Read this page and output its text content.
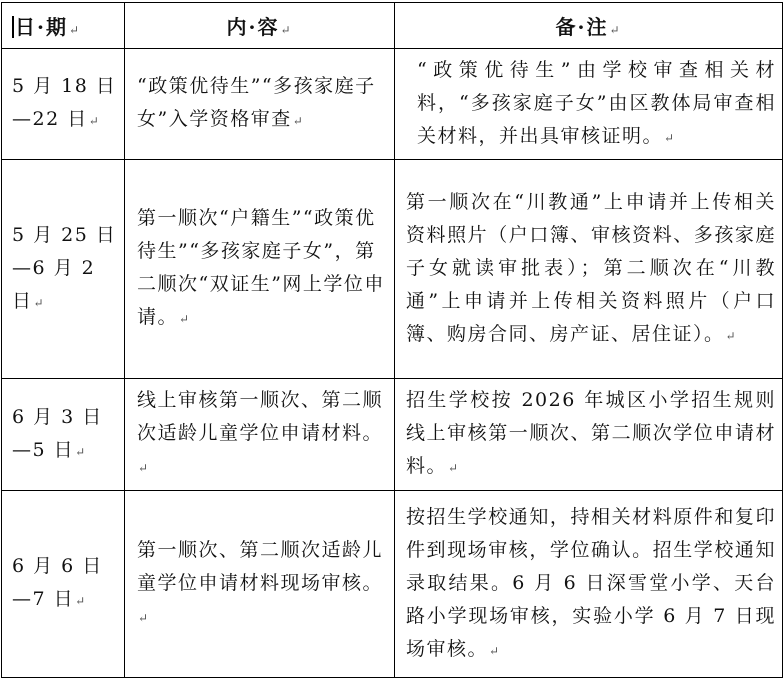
日·期↵	内·容↵	备·注↵
5 月 18 日—22 日↵	“政策优待生”“多孩家庭子女”入学资格审查↵	“政策优待生”由学校审查相关材料，“多孩家庭子女”由区教体局审查相关材料，并出具审核证明。↵
5 月 25 日—6 月 2 日↵	第一顺次“户籍生”“政策优待生”“多孩家庭子女”，第二顺次“双证生”网上学位申请。↵	第一顺次在“川教通”上申请并上传相关资料照片（户口簿、审核资料、多孩家庭子女就读审批表）；第二顺次在“川教通”上申请并上传相关资料照片（户口簿、购房合同、房产证、居住证）。↵
6 月 3 日—5 日↵	线上审核第一顺次、第二顺次适龄儿童学位申请材料。↵	招生学校按 2026 年城区小学招生规则线上审核第一顺次、第二顺次学位申请材料。↵
6 月 6 日—7 日↵	第一顺次、第二顺次适龄儿童学位申请材料现场审核。↵	按招生学校通知，持相关材料原件和复印件到现场审核，学位确认。招生学校通知录取结果。6 月 6 日深雪堂小学、天台路小学现场审核，实验小学 6 月 7 日现场审核。↵
